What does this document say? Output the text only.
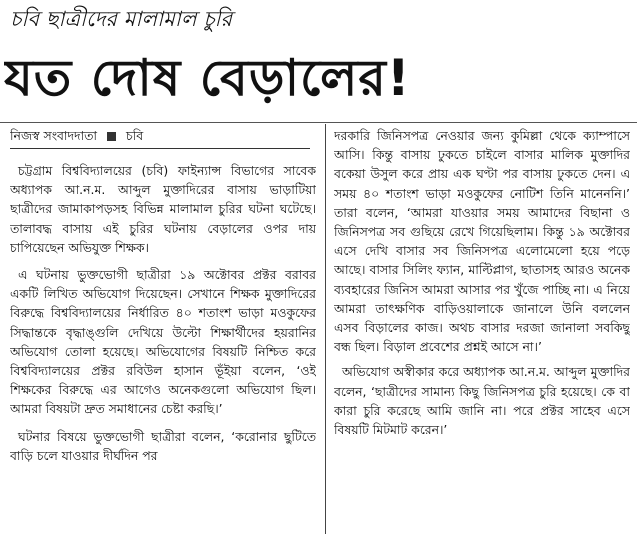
চবি ছাত্রীদের মালামাল চুরি
যত দোষ বেড়ালের!
নিজস্ব সংবাদদাতা চবি

চট্টগ্রাম বিশ্ববিদ্যালয়ের (চবি) ফাইন্যান্স বিভাগের সাবেক অধ্যাপক আ.ন.ম. আব্দুল মুক্তাদিরের বাসায় ভাড়াটিয়া ছাত্রীদের জামাকাপড়সহ বিভিন্ন মালামাল চুরির ঘটনা ঘটেছে। তালাবদ্ধ বাসায় এই চুরির ঘটনায় বেড়ালের ওপর দায় চাপিয়েছেন অভিযুক্ত শিক্ষক।

এ ঘটনায় ভুক্তভোগী ছাত্রীরা ১৯ অক্টোবর প্রক্টর বরাবর একটি লিখিত অভিযোগ দিয়েছেন। সেখানে শিক্ষক মুক্তাদিরের বিরুদ্ধে বিশ্ববিদ্যালয়ের নির্ধারিত ৪০ শতাংশ ভাড়া মওকুফের সিদ্ধান্তকে বৃদ্ধাঙ্গুলি দেখিয়ে উল্টো শিক্ষার্থীদের হয়রানির অভিযোগ তোলা হয়েছে। অভিযোগের বিষয়টি নিশ্চিত করে বিশ্ববিদ্যালয়ের প্রক্টর রবিউল হাসান ভূঁইয়া বলেন, ‘ওই শিক্ষকের বিরুদ্ধে এর আগেও অনেকগুলো অভিযোগ ছিল। আমরা বিষয়টা দ্রুত সমাধানের চেষ্টা করছি।’

ঘটনার বিষয়ে ভুক্তভোগী ছাত্রীরা বলেন, ‘করোনার ছুটিতে বাড়ি চলে যাওয়ার দীর্ঘদিন পর

দরকারি জিনিসপত্র নেওয়ার জন্য কুমিল্লা থেকে ক্যাম্পাসে আসি। কিন্তু বাসায় ঢুকতে চাইলে বাসার মালিক মুক্তাদির বকেয়া উসুল করে প্রায় এক ঘণ্টা পর বাসায় ঢুকতে দেন। এ সময় ৪০ শতাংশ ভাড়া মওকুফের নোটিশ তিনি মানেননি।’ তারা বলেন, ‘আমরা যাওয়ার সময় আমাদের বিছানা ও জিনিসপত্র সব গুছিয়ে রেখে গিয়েছিলাম। কিন্তু ১৯ অক্টোবর এসে দেখি বাসার সব জিনিসপত্র এলোমেলো হয়ে পড়ে আছে। বাসার সিলিং ফ্যান, মাল্টিপ্লাগ, ছাতাসহ আরও অনেক ব্যবহারের জিনিস আমরা আসার পর খুঁজে পাচ্ছি না। এ নিয়ে আমরা তাৎক্ষণিক বাড়িওয়ালাকে জানালে উনি বললেন এসব বিড়ালের কাজ। অথচ বাসার দরজা জানালা সবকিছু বন্ধ ছিল। বিড়াল প্রবেশের প্রশ্নই আসে না।’

অভিযোগ অস্বীকার করে অধ্যাপক আ.ন.ম. আব্দুল মুক্তাদির বলেন, ‘ছাত্রীদের সামান্য কিছু জিনিসপত্র চুরি হয়েছে। কে বা কারা চুরি করেছে আমি জানি না। পরে প্রক্টর সাহেব এসে বিষয়টি মিটমাট করেন।’
